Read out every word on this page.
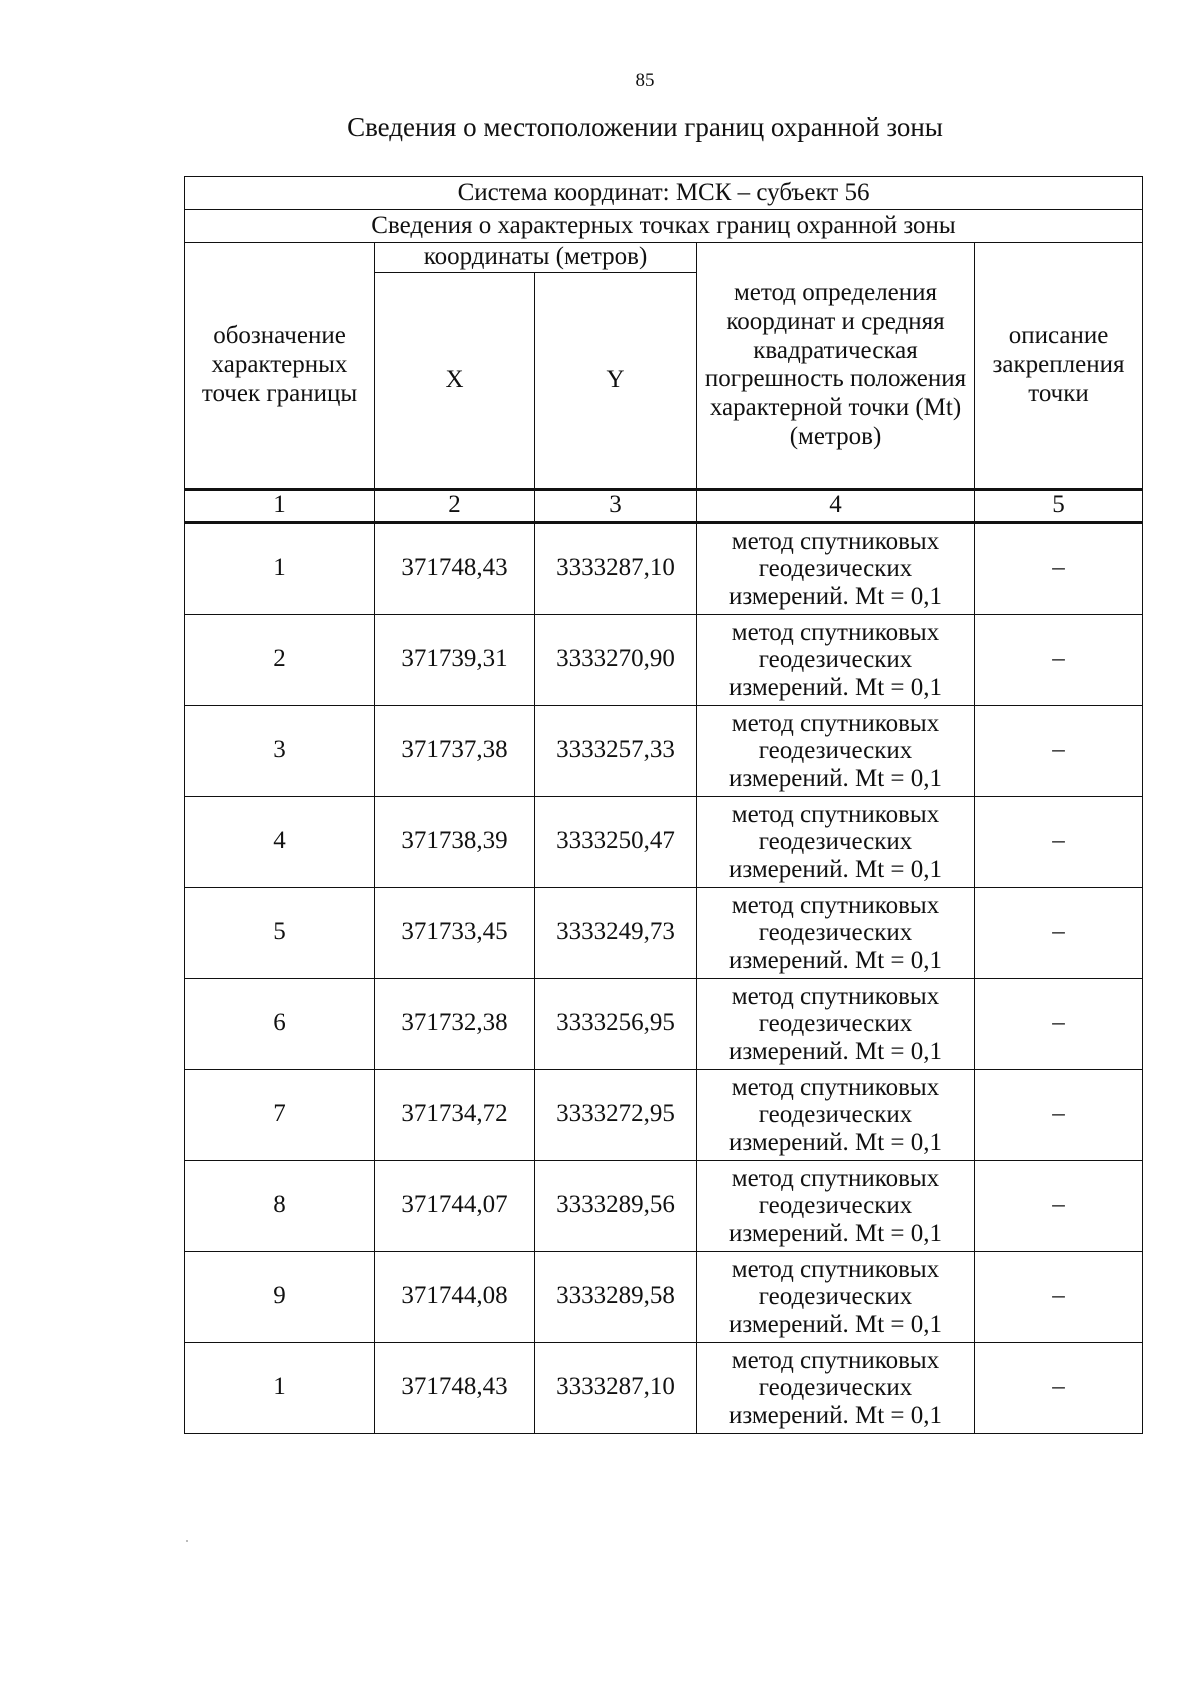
85
Сведения о местоположении границ охранной зоны
Система координат: МСК – субъект 56				
Сведения о характерных точках границ охранной зоны				
обозначение характерных точек границы	координаты (метров)		метод определения координат и средняя квадратическая погрешность положения характерной точки (Mt) (метров)	описание закрепления точки
	X	Y		
1	2	3	4	5
1	371748,43	3333287,10	метод спутниковых геодезических измерений. Mt = 0,1	–
2	371739,31	3333270,90	метод спутниковых геодезических измерений. Mt = 0,1	–
3	371737,38	3333257,33	метод спутниковых геодезических измерений. Mt = 0,1	–
4	371738,39	3333250,47	метод спутниковых геодезических измерений. Mt = 0,1	–
5	371733,45	3333249,73	метод спутниковых геодезических измерений. Mt = 0,1	–
6	371732,38	3333256,95	метод спутниковых геодезических измерений. Mt = 0,1	–
7	371734,72	3333272,95	метод спутниковых геодезических измерений. Mt = 0,1	–
8	371744,07	3333289,56	метод спутниковых геодезических измерений. Mt = 0,1	–
9	371744,08	3333289,58	метод спутниковых геодезических измерений. Mt = 0,1	–
1	371748,43	3333287,10	метод спутниковых геодезических измерений. Mt = 0,1	–
